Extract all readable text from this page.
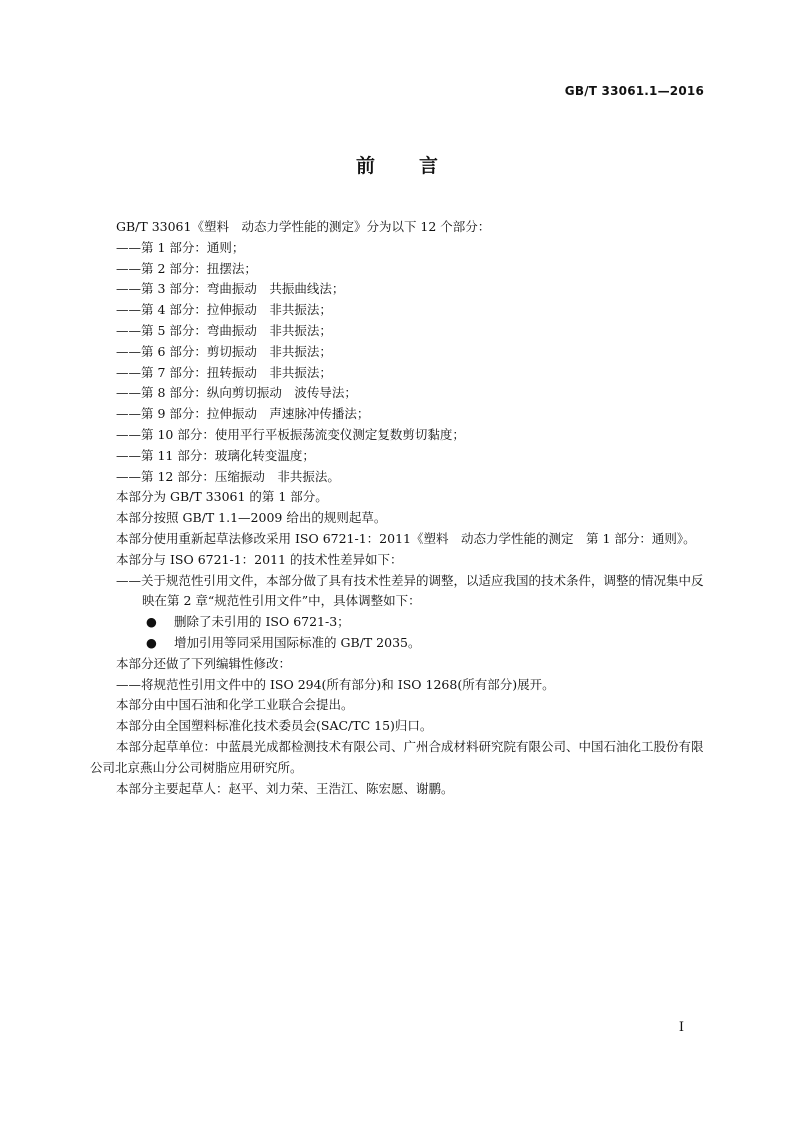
GB/T 33061.1—2016
前 言

GB/T 33061《塑料　动态力学性能的测定》分为以下 12 个部分：

——第 1 部分：通则；

——第 2 部分：扭摆法；

——第 3 部分：弯曲振动　共振曲线法；

——第 4 部分：拉伸振动　非共振法；

——第 5 部分：弯曲振动　非共振法；

——第 6 部分：剪切振动　非共振法；

——第 7 部分：扭转振动　非共振法；

——第 8 部分：纵向剪切振动　波传导法；

——第 9 部分：拉伸振动　声速脉冲传播法；

——第 10 部分：使用平行平板振荡流变仪测定复数剪切黏度；

——第 11 部分：玻璃化转变温度；

——第 12 部分：压缩振动　非共振法。

本部分为 GB/T 33061 的第 1 部分。

本部分按照 GB/T 1.1—2009 给出的规则起草。

本部分使用重新起草法修改采用 ISO 6721-1：2011《塑料　动态力学性能的测定　第 1 部分：通则》。

本部分与 ISO 6721-1：2011 的技术性差异如下：

——关于规范性引用文件，本部分做了具有技术性差异的调整，以适应我国的技术条件，调整的情况集中反映在第 2 章“规范性引用文件”中，具体调整如下：

●	删除了未引用的 ISO 6721-3；
●	增加引用等同采用国际标准的 GB/T 2035。

本部分还做了下列编辑性修改：

——将规范性引用文件中的 ISO 294(所有部分)和 ISO 1268(所有部分)展开。

本部分由中国石油和化学工业联合会提出。

本部分由全国塑料标准化技术委员会(SAC/TC 15)归口。

本部分起草单位：中蓝晨光成都检测技术有限公司、广州合成材料研究院有限公司、中国石油化工股份有限公司北京燕山分公司树脂应用研究所。

本部分主要起草人：赵平、刘力荣、王浩江、陈宏愿、谢鹏。

I
